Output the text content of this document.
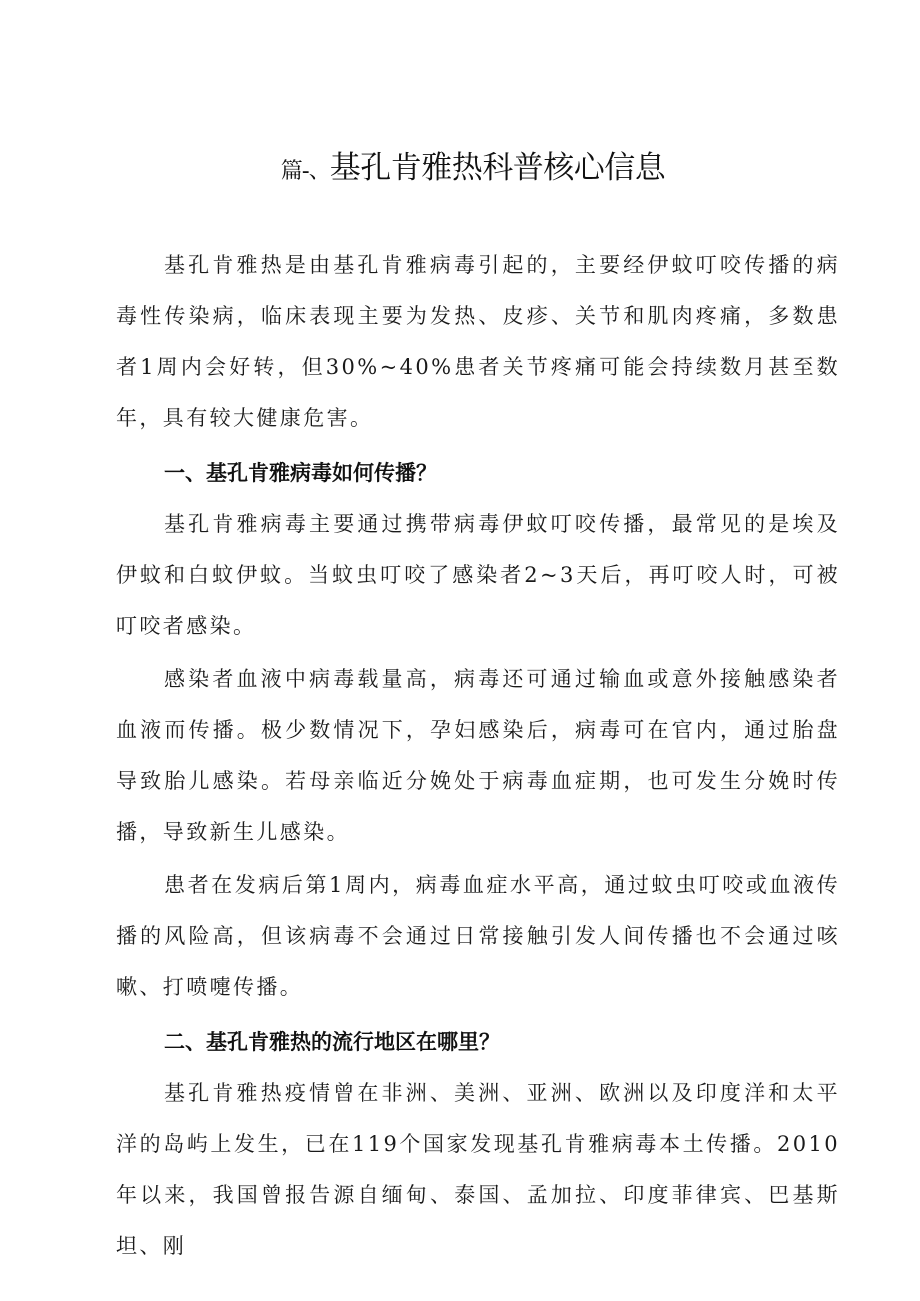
篇-、基孔肯雅热科普核心信息

基孔肯雅热是由基孔肯雅病毒引起的，主要经伊蚊叮咬传播的病毒性传染病，临床表现主要为发热、皮疹、关节和肌肉疼痛，多数患者1周内会好转，但30%~40%患者关节疼痛可能会持续数月甚至数年，具有较大健康危害。

一、基孔肯雅病毒如何传播？

基孔肯雅病毒主要通过携带病毒伊蚊叮咬传播，最常见的是埃及伊蚊和白蚊伊蚊。当蚊虫叮咬了感染者2~3天后，再叮咬人时，可被叮咬者感染。

感染者血液中病毒载量高，病毒还可通过输血或意外接触感染者血液而传播。极少数情况下，孕妇感染后，病毒可在官内，通过胎盘导致胎儿感染。若母亲临近分娩处于病毒血症期，也可发生分娩时传播，导致新生儿感染。

患者在发病后第1周内，病毒血症水平高，通过蚊虫叮咬或血液传播的风险高，但该病毒不会通过日常接触引发人间传播也不会通过咳嗽、打喷嚏传播。

二、基孔肯雅热的流行地区在哪里？

基孔肯雅热疫情曾在非洲、美洲、亚洲、欧洲以及印度洋和太平洋的岛屿上发生，已在119个国家发现基孔肯雅病毒本土传播。2010年以来，我国曾报告源自缅甸、泰国、孟加拉、印度菲律宾、巴基斯坦、刚
